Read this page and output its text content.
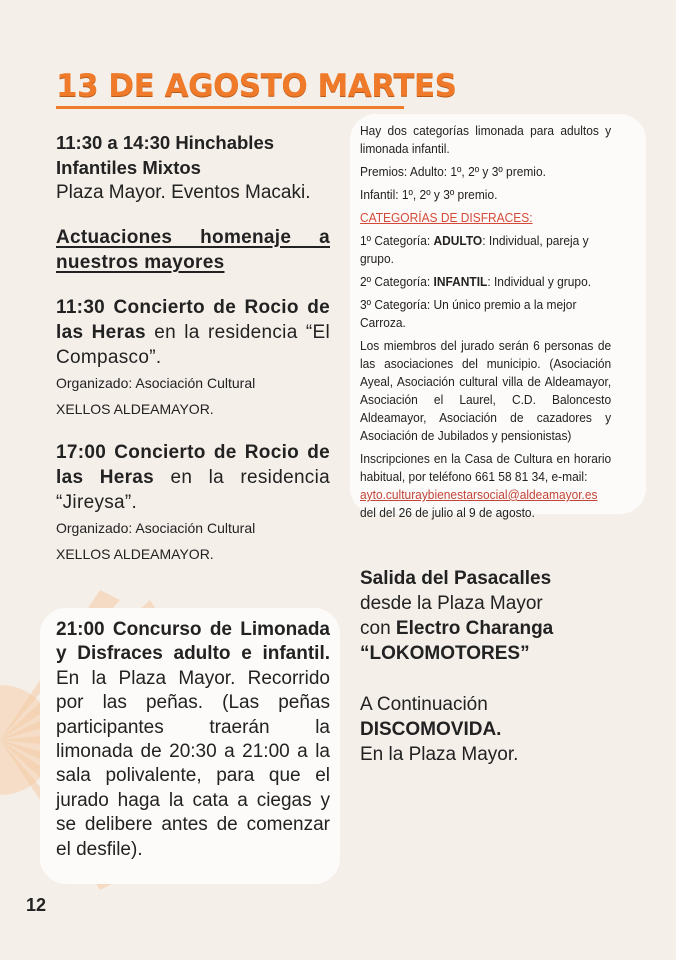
13 DE AGOSTO MARTES

11:30 a 14:30 Hinchables Infantiles Mixtos

Plaza Mayor. Eventos Macaki.

Actuaciones homenaje a nuestros mayores

11:30 Concierto de Rocio de las Heras en la residencia “El Compasco”.

Organizado: Asociación Cultural

XELLOS ALDEAMAYOR.

17:00 Concierto de Rocio de las Heras en la residencia “Jireysa”.

Organizado: Asociación Cultural

XELLOS ALDEAMAYOR.

21:00 Concurso de Limonada y Disfraces adulto e infantil. En la Plaza Mayor. Recorrido por las peñas. (Las peñas participantes traerán la limonada de 20:30 a 21:00 a la sala polivalente, para que el jurado haga la cata a ciegas y se delibere antes de comenzar el desfile).

Hay dos categorías limonada para adultos y limonada infantil.

Premios: Adulto: 1º, 2º y 3º premio.

Infantil: 1º, 2º y 3º premio.

CATEGORÍAS DE DISFRACES:

1º Categoría: ADULTO: Individual, pareja y grupo.

2º Categoría: INFANTIL: Individual y grupo.

3º Categoría: Un único premio a la mejor Carroza.

Los miembros del jurado serán 6 personas de las asociaciones del municipio. (Asociación Ayeal, Asociación cultural villa de Aldeamayor, Asociación el Laurel, C.D. Baloncesto Aldeamayor, Asociación de cazadores y Asociación de Jubilados y pensionistas)

Inscripciones en la Casa de Cultura en horario habitual, por teléfono 661 58 81 34, e-mail:

ayto.culturaybienestarsocial@aldeamayor.es

del del 26 de julio al 9 de agosto.

Salida del Pasacalles

desde la Plaza Mayor

con Electro Charanga

“LOKOMOTORES”

A Continuación

DISCOMOVIDA.

En la Plaza Mayor.

12
